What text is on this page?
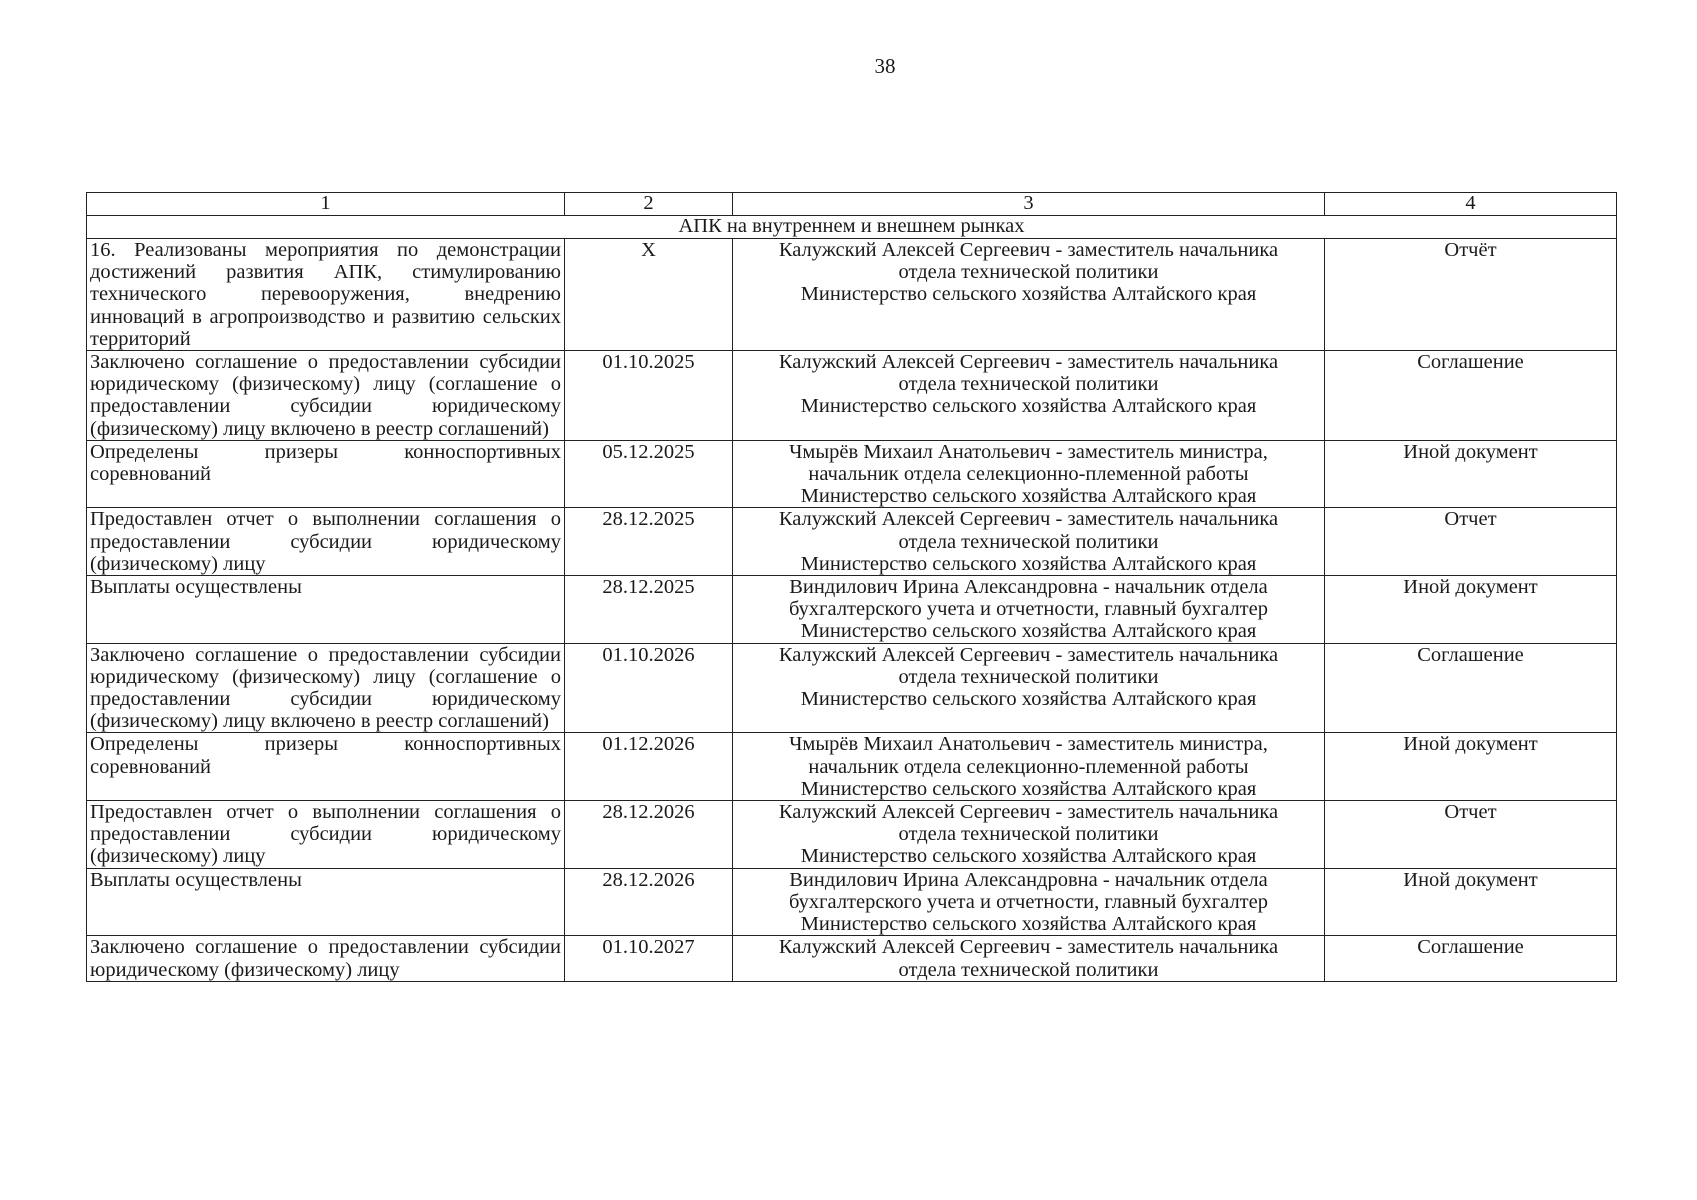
38
1	2	3	4
АПК на внутреннем и внешнем рынках			
16. Реализованы мероприятия по демонстрации достижений развития АПК, стимулированию технического перевооружения, внедрению инноваций в агропроизводство и развитию сельских территорий	X	Калужский Алексей Сергеевич - заместитель начальника
отдела технической политики
Министерство сельского хозяйства Алтайского края	Отчёт
Заключено соглашение о предоставлении субсидии юридическому (физическому) лицу (соглашение о предоставлении субсидии юридическому (физическому) лицу включено в реестр соглашений)	01.10.2025	Калужский Алексей Сергеевич - заместитель начальника
отдела технической политики
Министерство сельского хозяйства Алтайского края	Соглашение
Определены призеры конноспортивных соревнований	05.12.2025	Чмырёв Михаил Анатольевич - заместитель министра,
начальник отдела селекционно-племенной работы
Министерство сельского хозяйства Алтайского края	Иной документ
Предоставлен отчет о выполнении соглашения о предоставлении субсидии юридическому (физическому) лицу	28.12.2025	Калужский Алексей Сергеевич - заместитель начальника
отдела технической политики
Министерство сельского хозяйства Алтайского края	Отчет
Выплаты осуществлены	28.12.2025	Виндилович Ирина Александровна - начальник отдела
бухгалтерского учета и отчетности, главный бухгалтер
Министерство сельского хозяйства Алтайского края	Иной документ
Заключено соглашение о предоставлении субсидии юридическому (физическому) лицу (соглашение о предоставлении субсидии юридическому (физическому) лицу включено в реестр соглашений)	01.10.2026	Калужский Алексей Сергеевич - заместитель начальника
отдела технической политики
Министерство сельского хозяйства Алтайского края	Соглашение
Определены призеры конноспортивных соревнований	01.12.2026	Чмырёв Михаил Анатольевич - заместитель министра,
начальник отдела селекционно-племенной работы
Министерство сельского хозяйства Алтайского края	Иной документ
Предоставлен отчет о выполнении соглашения о предоставлении субсидии юридическому (физическому) лицу	28.12.2026	Калужский Алексей Сергеевич - заместитель начальника
отдела технической политики
Министерство сельского хозяйства Алтайского края	Отчет
Выплаты осуществлены	28.12.2026	Виндилович Ирина Александровна - начальник отдела
бухгалтерского учета и отчетности, главный бухгалтер
Министерство сельского хозяйства Алтайского края	Иной документ
Заключено соглашение о предоставлении субсидии юридическому (физическому) лицу	01.10.2027	Калужский Алексей Сергеевич - заместитель начальника
отдела технической политики	Соглашение
